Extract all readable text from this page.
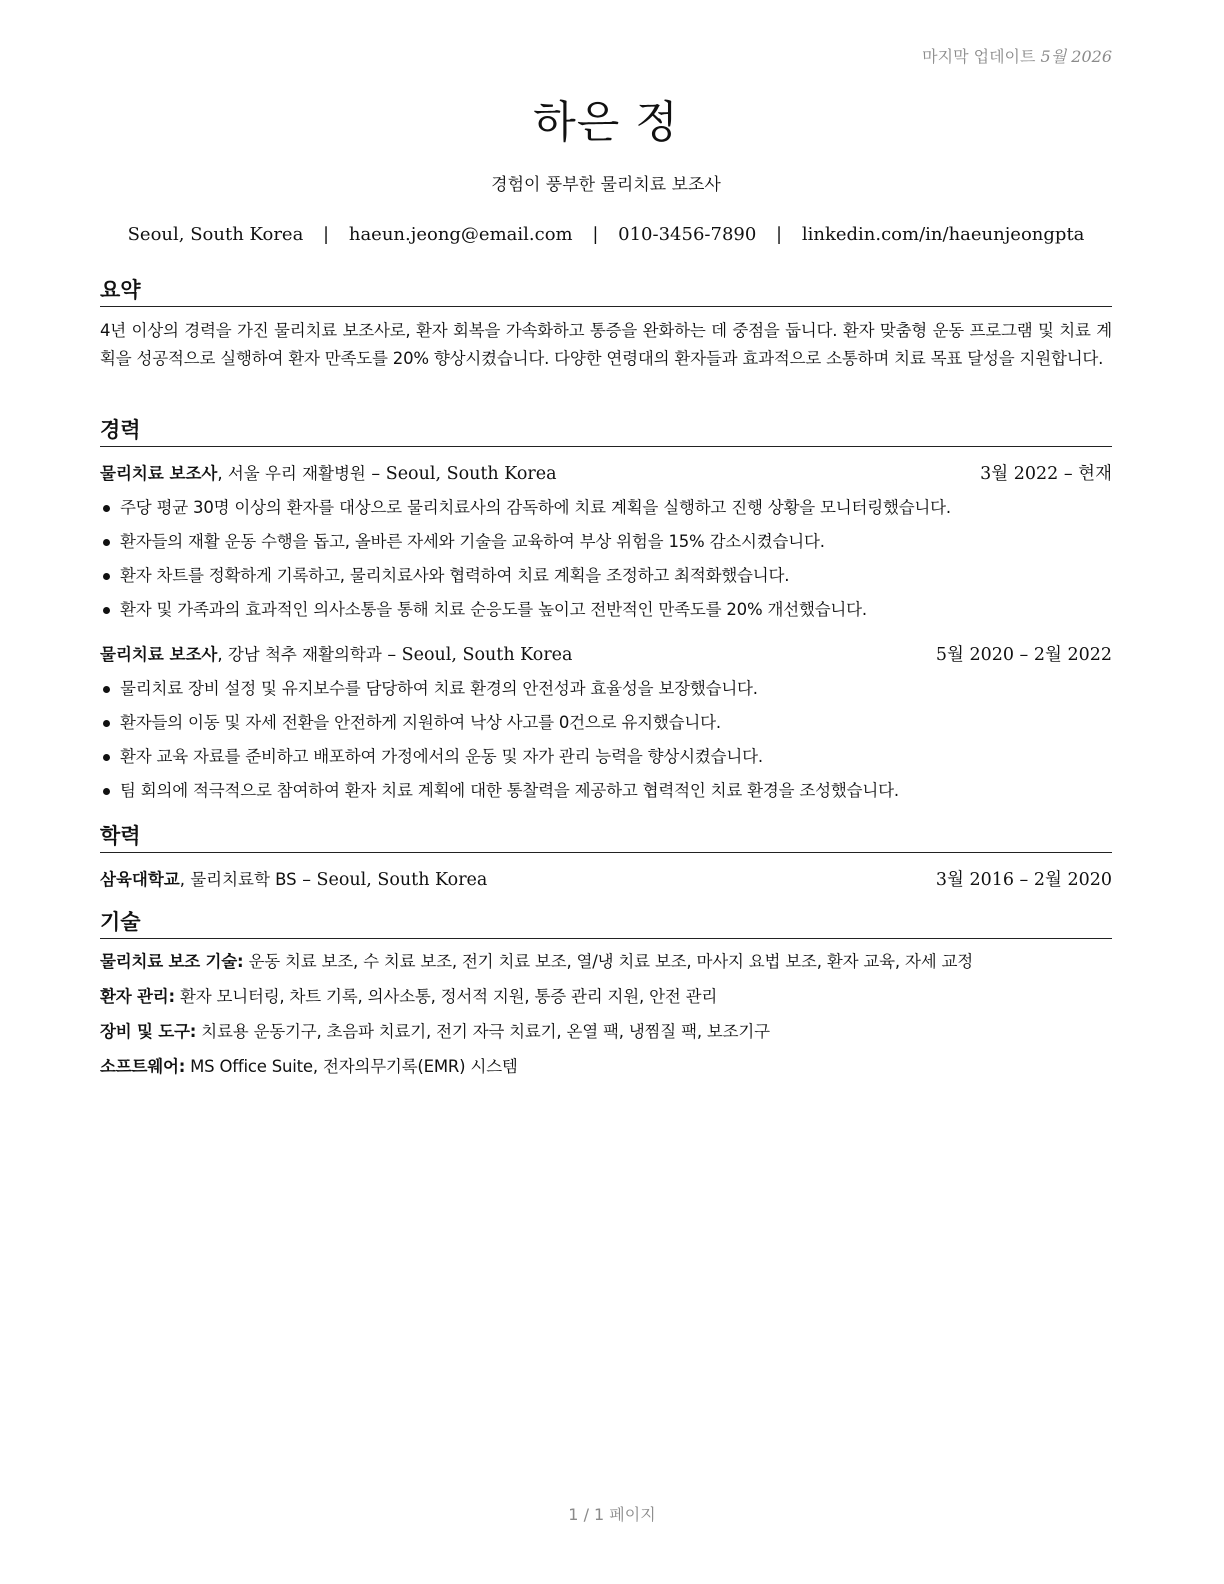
마지막 업데이트 5월 2026
하은 정
경험이 풍부한 물리치료 보조사
Seoul, South Korea | haeun.jeong@email.com | 010-3456-7890 | linkedin.com/in/haeunjeongpta
요약
4년 이상의 경력을 가진 물리치료 보조사로, 환자 회복을 가속화하고 통증을 완화하는 데 중점을 둡니다. 환자 맞춤형 운동 프로그램 및 치료 계획을 성공적으로 실행하여 환자 만족도를 20% 향상시켰습니다. 다양한 연령대의 환자들과 효과적으로 소통하며 치료 목표 달성을 지원합니다.
경력
물리치료 보조사, 서울 우리 재활병원 – Seoul, South Korea	3월 2022 – 현재
주당 평균 30명 이상의 환자를 대상으로 물리치료사의 감독하에 치료 계획을 실행하고 진행 상황을 모니터링했습니다.
환자들의 재활 운동 수행을 돕고, 올바른 자세와 기술을 교육하여 부상 위험을 15% 감소시켰습니다.
환자 차트를 정확하게 기록하고, 물리치료사와 협력하여 치료 계획을 조정하고 최적화했습니다.
환자 및 가족과의 효과적인 의사소통을 통해 치료 순응도를 높이고 전반적인 만족도를 20% 개선했습니다.
물리치료 보조사, 강남 척추 재활의학과 – Seoul, South Korea	5월 2020 – 2월 2022
물리치료 장비 설정 및 유지보수를 담당하여 치료 환경의 안전성과 효율성을 보장했습니다.
환자들의 이동 및 자세 전환을 안전하게 지원하여 낙상 사고를 0건으로 유지했습니다.
환자 교육 자료를 준비하고 배포하여 가정에서의 운동 및 자가 관리 능력을 향상시켰습니다.
팀 회의에 적극적으로 참여하여 환자 치료 계획에 대한 통찰력을 제공하고 협력적인 치료 환경을 조성했습니다.
학력
삼육대학교, 물리치료학 BS – Seoul, South Korea	3월 2016 – 2월 2020
기술
물리치료 보조 기술: 운동 치료 보조, 수 치료 보조, 전기 치료 보조, 열/냉 치료 보조, 마사지 요법 보조, 환자 교육, 자세 교정
환자 관리: 환자 모니터링, 차트 기록, 의사소통, 정서적 지원, 통증 관리 지원, 안전 관리
장비 및 도구: 치료용 운동기구, 초음파 치료기, 전기 자극 치료기, 온열 팩, 냉찜질 팩, 보조기구
소프트웨어: MS Office Suite, 전자의무기록(EMR) 시스템
1 / 1 페이지
